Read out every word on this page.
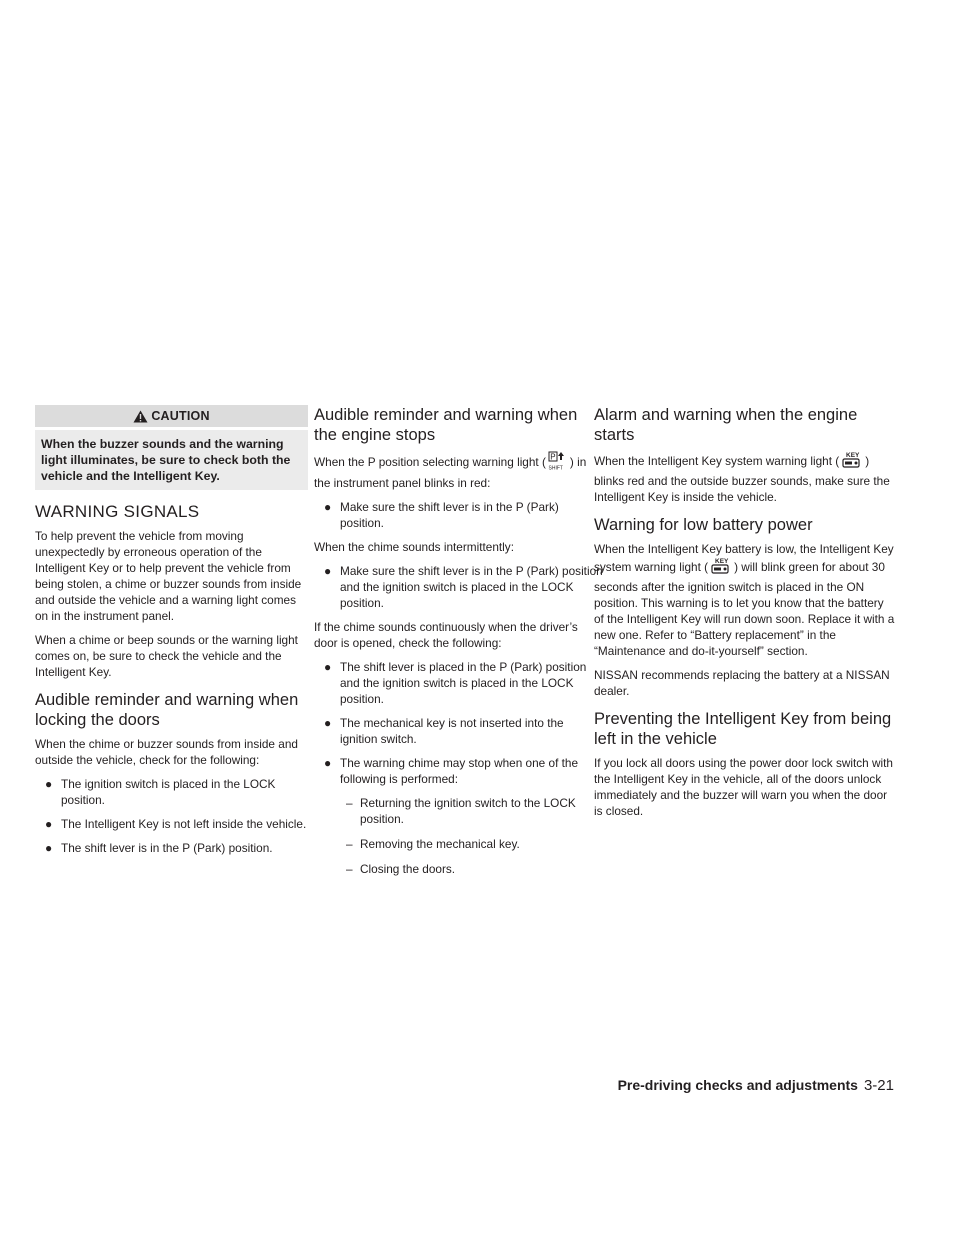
CAUTION
When the buzzer sounds and the warning light illuminates, be sure to check both the vehicle and the Intelligent Key.
WARNING SIGNALS

To help prevent the vehicle from moving unexpectedly by erroneous operation of the Intelligent Key or to help prevent the vehicle from being stolen, a chime or buzzer sounds from inside and outside the vehicle and a warning light comes on in the instrument panel.

When a chime or beep sounds or the warning light comes on, be sure to check the vehicle and the Intelligent Key.

Audible reminder and warning when locking the doors

When the chime or buzzer sounds from inside and outside the vehicle, check for the following:

● The ignition switch is placed in the LOCK position.
● The Intelligent Key is not left inside the vehicle.
● The shift lever is in the P (Park) position.
Audible reminder and warning when the engine stops

When the P position selecting warning light ( P
SHIFT ) in the instrument panel blinks in red:

● Make sure the shift lever is in the P (Park) position.

When the chime sounds intermittently:

● Make sure the shift lever is in the P (Park) position and the ignition switch is placed in the LOCK position.

If the chime sounds continuously when the driver’s door is opened, check the following:

● The shift lever is placed in the P (Park) position and the ignition switch is placed in the LOCK position.
● The mechanical key is not inserted into the ignition switch.
● The warning chime may stop when one of the following is performed:
– Returning the ignition switch to the LOCK position.
– Removing the mechanical key.
– Closing the doors.
Alarm and warning when the engine starts

When the Intelligent Key system warning light ( KEY ) blinks red and the outside buzzer sounds, make sure the Intelligent Key is inside the vehicle.

Warning for low battery power

When the Intelligent Key battery is low, the Intelligent Key system warning light ( KEY ) will blink green for about 30 seconds after the ignition switch is placed in the ON position. This warning is to let you know that the battery of the Intelligent Key will run down soon. Replace it with a new one. Refer to “Battery replacement” in the “Maintenance and do-it-yourself” section.

NISSAN recommends replacing the battery at a NISSAN dealer.

Preventing the Intelligent Key from being left in the vehicle

If you lock all doors using the power door lock switch with the Intelligent Key in the vehicle, all of the doors unlock immediately and the buzzer will warn you when the door is closed.

Pre-driving checks and adjustments 3-21
